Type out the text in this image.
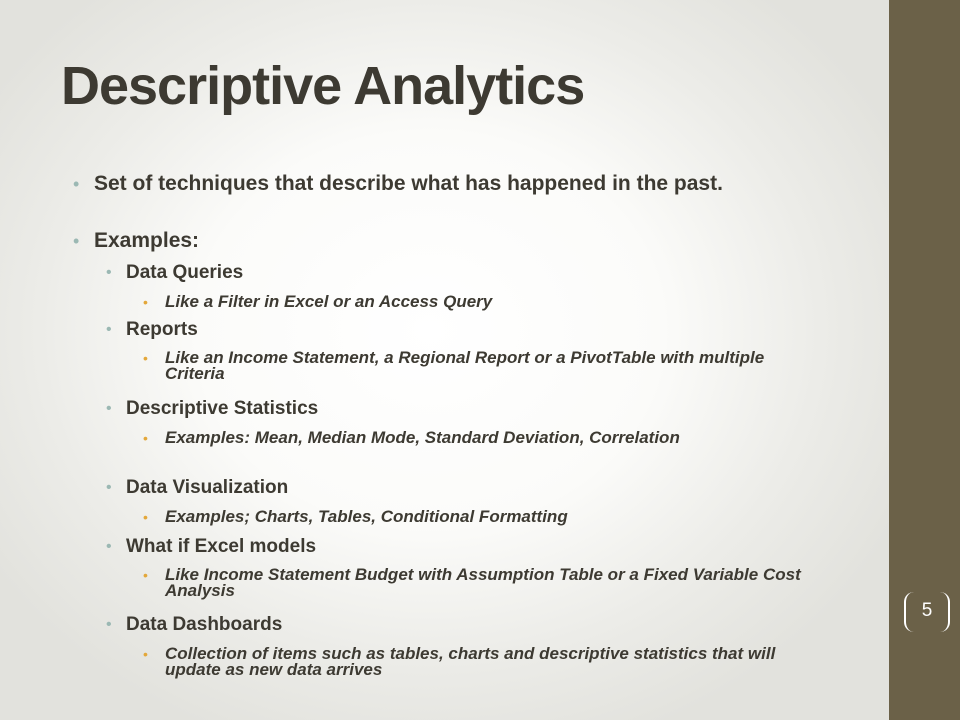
Descriptive Analytics

• Set of techniques that describe what has happened in the past.

• Examples:

• Data Queries

• Like a Filter in Excel or an Access Query

• Reports

• Like an Income Statement, a Regional Report or a PivotTable with multiple Criteria

• Descriptive Statistics

• Examples: Mean, Median Mode, Standard Deviation, Correlation

• Data Visualization

• Examples; Charts, Tables, Conditional Formatting

• What if Excel models

• Like Income Statement Budget with Assumption Table or a Fixed Variable Cost Analysis

• Data Dashboards

• Collection of items such as tables, charts and descriptive statistics that will update as new data arrives

5
